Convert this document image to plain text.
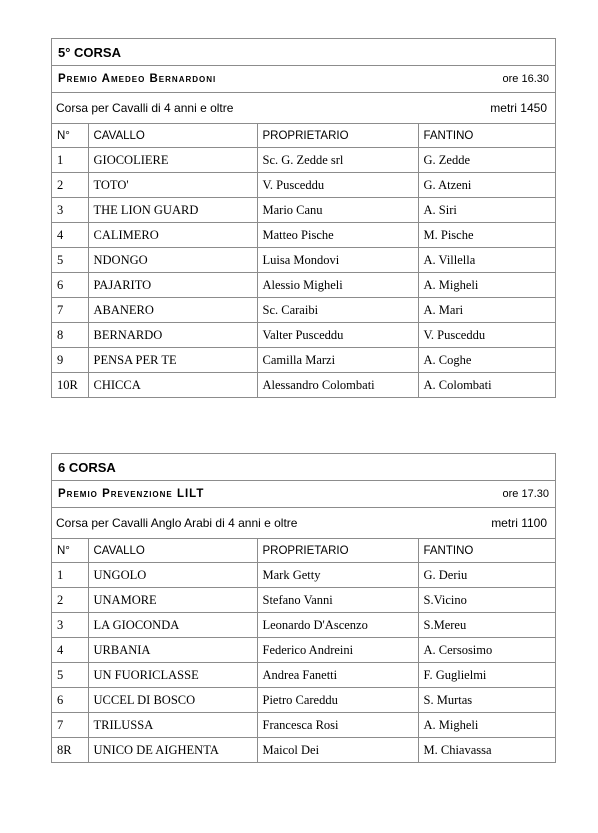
5° CORSA
Premio Amedeo Bernardoni	ore 16.30
Corsa per Cavalli di 4 anni e oltre	metri 1450
N°	CAVALLO	PROPRIETARIO	FANTINO
1	GIOCOLIERE	Sc. G. Zedde srl	G. Zedde
2	TOTO'	V. Pusceddu	G. Atzeni
3	THE LION GUARD	Mario Canu	A. Siri
4	CALIMERO	Matteo Pische	M. Pische
5	NDONGO	Luisa Mondovi	A. Villella
6	PAJARITO	Alessio Migheli	A. Migheli
7	ABANERO	Sc. Caraibi	A. Mari
8	BERNARDO	Valter Pusceddu	V. Pusceddu
9	PENSA PER TE	Camilla Marzi	A. Coghe
10R	CHICCA	Alessandro Colombati	A. Colombati
6 CORSA
Premio Prevenzione LILT	ore 17.30
Corsa per Cavalli Anglo Arabi di 4 anni e oltre	metri 1100
N°	CAVALLO	PROPRIETARIO	FANTINO
1	UNGOLO	Mark Getty	G. Deriu
2	UNAMORE	Stefano Vanni	S.Vicino
3	LA GIOCONDA	Leonardo D'Ascenzo	S.Mereu
4	URBANIA	Federico Andreini	A. Cersosimo
5	UN FUORICLASSE	Andrea Fanetti	F. Guglielmi
6	UCCEL DI BOSCO	Pietro Careddu	S. Murtas
7	TRILUSSA	Francesca Rosi	A. Migheli
8R	UNICO DE AIGHENTA	Maicol Dei	M. Chiavassa
